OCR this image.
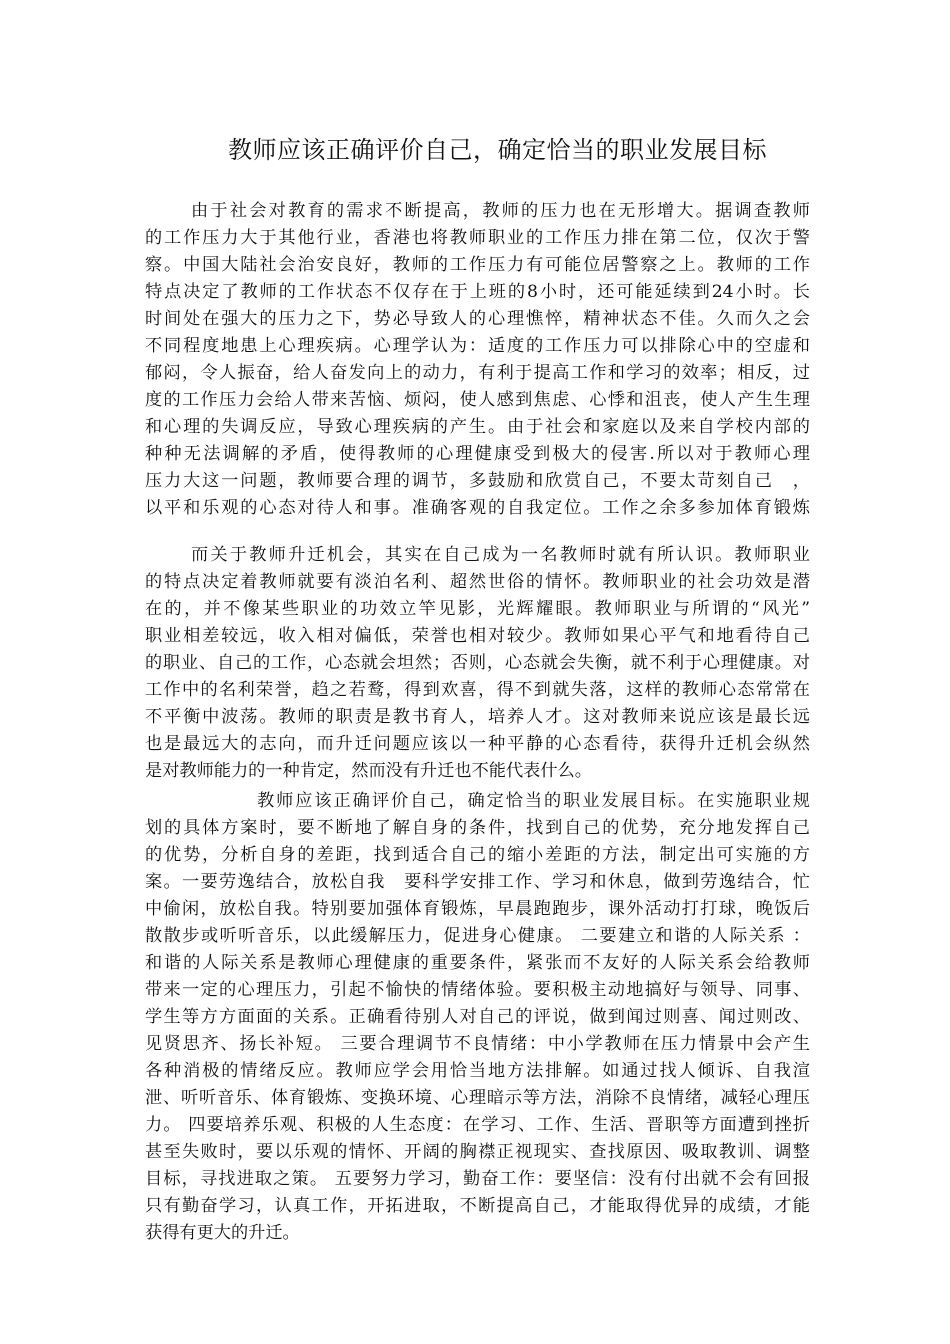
教师应该正确评价自己，确定恰当的职业发展目标
由于社会对教育的需求不断提高，教师的压力也在无形增大。据调查教师
的工作压力大于其他行业，香港也将教师职业的工作压力排在第二位，仅次于警
察。中国大陆社会治安良好，教师的工作压力有可能位居警察之上。教师的工作
特点决定了教师的工作状态不仅存在于上班的8小时，还可能延续到24小时。长
时间处在强大的压力之下，势必导致人的心理憔悴，精神状态不佳。久而久之会
不同程度地患上心理疾病。心理学认为：适度的工作压力可以排除心中的空虚和
郁闷，令人振奋，给人奋发向上的动力，有利于提高工作和学习的效率；相反，过
度的工作压力会给人带来苦恼、烦闷，使人感到焦虑、心悸和沮丧，使人产生生理
和心理的失调反应，导致心理疾病的产生。由于社会和家庭以及来自学校内部的
种种无法调解的矛盾，使得教师的心理健康受到极大的侵害.所以对于教师心理
压力大这一问题，教师要合理的调节，多鼓励和欣赏自己，不要太苛刻自己　，
以平和乐观的心态对待人和事。准确客观的自我定位。工作之余多参加体育锻炼
而关于教师升迁机会，其实在自己成为一名教师时就有所认识。教师职业
的特点决定着教师就要有淡泊名利、超然世俗的情怀。教师职业的社会功效是潜
在的，并不像某些职业的功效立竿见影，光辉耀眼。教师职业与所谓的“风光”
职业相差较远，收入相对偏低，荣誉也相对较少。教师如果心平气和地看待自己
的职业、自己的工作，心态就会坦然；否则，心态就会失衡，就不利于心理健康。对
工作中的名利荣誉，趋之若鹜，得到欢喜，得不到就失落，这样的教师心态常常在
不平衡中波荡。教师的职责是教书育人，培养人才。这对教师来说应该是最长远
也是最远大的志向，而升迁问题应该以一种平静的心态看待，获得升迁机会纵然
是对教师能力的一种肯定，然而没有升迁也不能代表什么。
教师应该正确评价自己，确定恰当的职业发展目标。在实施职业规
划的具体方案时，要不断地了解自身的条件，找到自己的优势，充分地发挥自己
的优势，分析自身的差距，找到适合自己的缩小差距的方法，制定出可实施的方
案。一要劳逸结合，放松自我　要科学安排工作、学习和休息，做到劳逸结合，忙
中偷闲，放松自我。特别要加强体育锻炼，早晨跑跑步，课外活动打打球，晚饭后
散散步或听听音乐，以此缓解压力，促进身心健康。 二要建立和谐的人际关系 ：
和谐的人际关系是教师心理健康的重要条件，紧张而不友好的人际关系会给教师
带来一定的心理压力，引起不愉快的情绪体验。要积极主动地搞好与领导、同事、
学生等方方面面的关系。正确看待别人对自己的评说，做到闻过则喜、闻过则改、
见贤思齐、扬长补短。 三要合理调节不良情绪：中小学教师在压力情景中会产生
各种消极的情绪反应。教师应学会用恰当地方法排解。如通过找人倾诉、自我渲
泄、听听音乐、体育锻炼、变换环境、心理暗示等方法，消除不良情绪，减轻心理压
力。 四要培养乐观、积极的人生态度：在学习、工作、生活、晋职等方面遭到挫折
甚至失败时，要以乐观的情怀、开阔的胸襟正视现实、查找原因、吸取教训、调整
目标，寻找进取之策。 五要努力学习，勤奋工作：要坚信：没有付出就不会有回报
只有勤奋学习，认真工作，开拓进取，不断提高自己，才能取得优异的成绩，才能
获得有更大的升迁。
